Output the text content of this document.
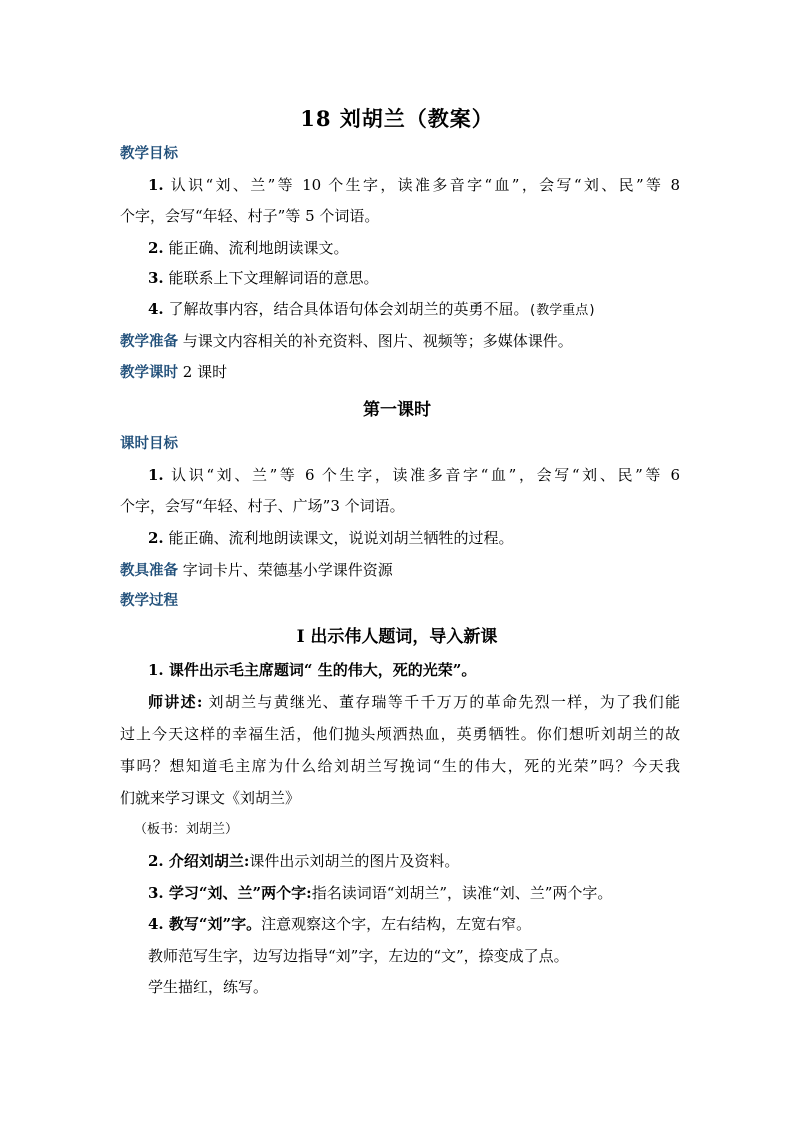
18 刘胡兰（教案）
教学目标
1. 认识“刘、兰”等 10 个生字，读准多音字“血”，会写“刘、民”等 8
个字，会写“年轻、村子”等 5 个词语。
2. 能正确、流利地朗读课文。
3. 能联系上下文理解词语的意思。
4. 了解故事内容，结合具体语句体会刘胡兰的英勇不屈。(教学重点)
教学准备 与课文内容相关的补充资料、图片、视频等；多媒体课件。
教学课时 2 课时
第一课时
课时目标
1. 认识“刘、兰”等 6 个生字，读准多音字“血”，会写“刘、民”等 6
个字，会写“年轻、村子、广场”3 个词语。
2. 能正确、流利地朗读课文，说说刘胡兰牺牲的过程。
教具准备 字词卡片、荣德基小学课件资源
教学过程
Ⅰ 出示伟人题词，导入新课
1. 课件出示毛主席题词“ 生的伟大，死的光荣”。
师讲述: 刘胡兰与黄继光、董存瑞等千千万万的革命先烈一样，为了我们能
过上今天这样的幸福生活，他们抛头颅洒热血，英勇牺牲。你们想听刘胡兰的故
事吗？想知道毛主席为什么给刘胡兰写挽词“生的伟大，死的光荣”吗？今天我
们就来学习课文《刘胡兰》
（板书：刘胡兰）
2. 介绍刘胡兰:课件出示刘胡兰的图片及资料。
3. 学习“刘、兰”两个字:指名读词语“刘胡兰”，读准“刘、兰”两个字。
4. 教写“刘”字。注意观察这个字，左右结构，左宽右窄。
教师范写生字，边写边指导“刘”字，左边的“文”，捺变成了点。
学生描红，练写。
